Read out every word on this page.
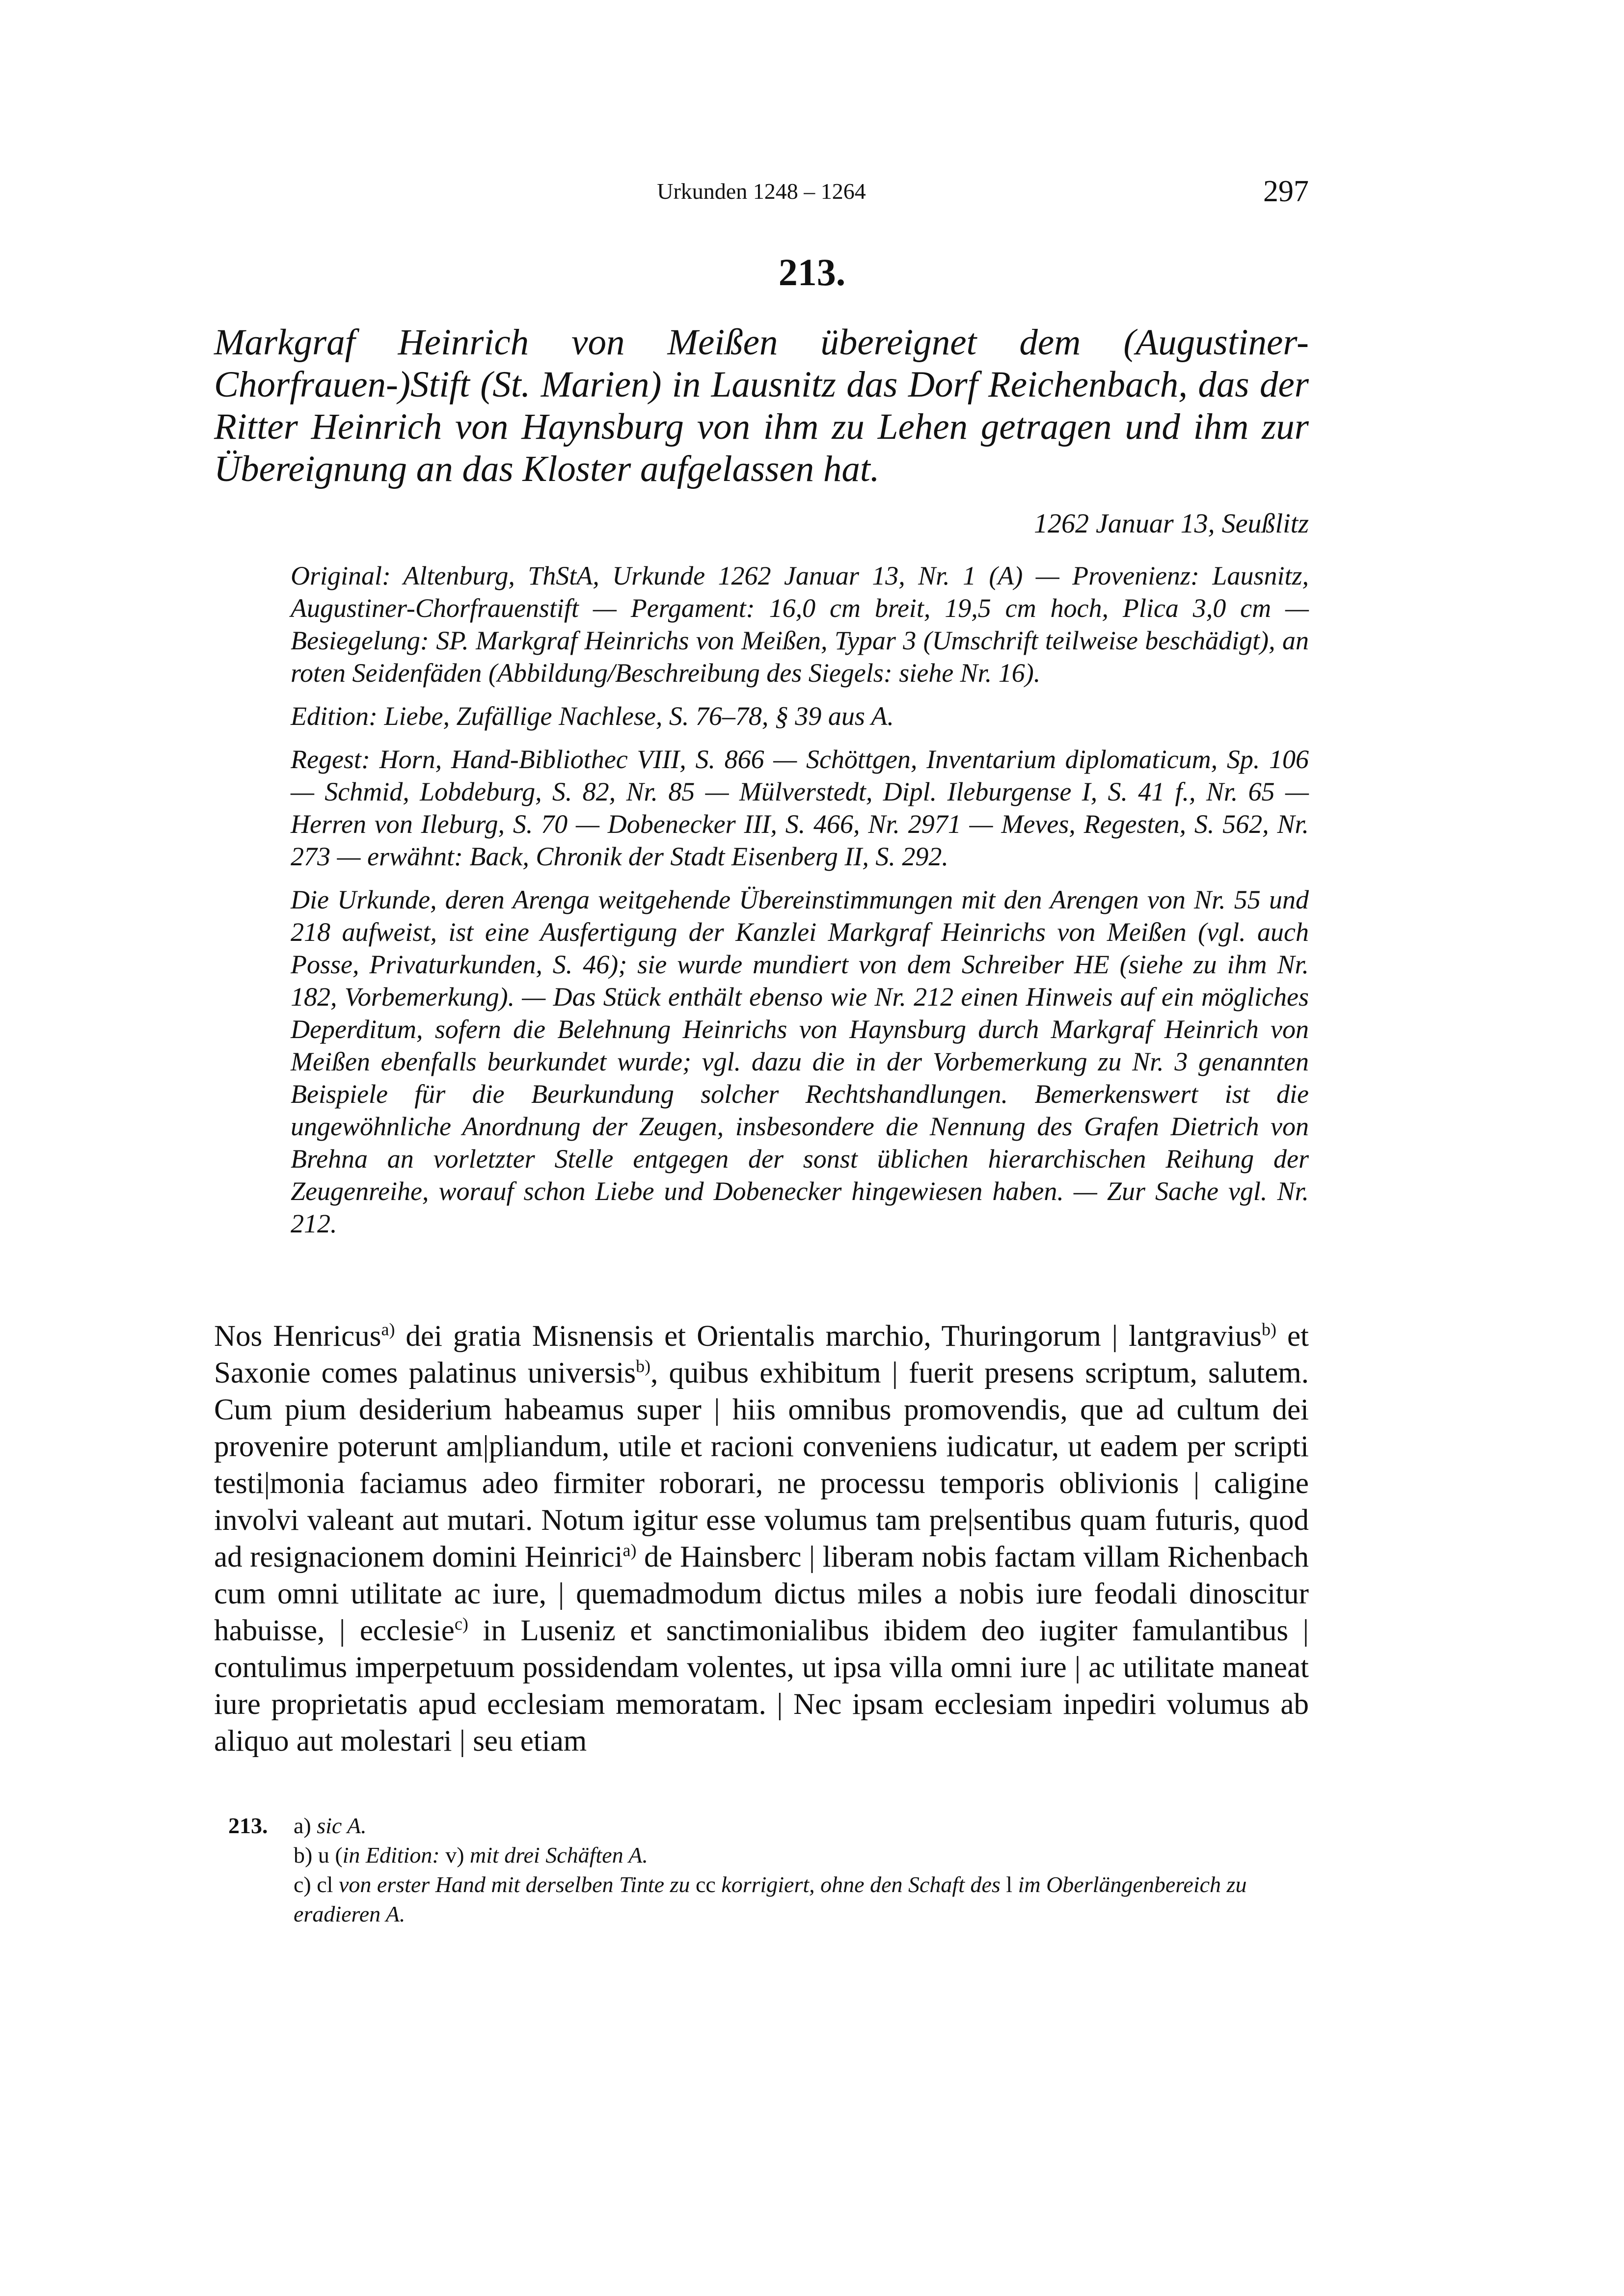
Urkunden 1248 – 1264	297
213.

Markgraf Heinrich von Meißen übereignet dem (Augustiner-Chorfrauen-)Stift (St. Marien) in Lausnitz das Dorf Reichenbach, das der Ritter Heinrich von Haynsburg von ihm zu Lehen getragen und ihm zur Übereignung an das Kloster aufgelassen hat.

1262 Januar 13, Seußlitz

Original: Altenburg, ThStA, Urkunde 1262 Januar 13, Nr. 1 (A) — Provenienz: Lausnitz, Augustiner-Chorfrauenstift — Pergament: 16,0 cm breit, 19,5 cm hoch, Plica 3,0 cm — Besiegelung: SP. Markgraf Heinrichs von Meißen, Typar 3 (Umschrift teilweise beschädigt), an roten Seidenfäden (Abbildung/Beschreibung des Siegels: siehe Nr. 16).

Edition: Liebe, Zufällige Nachlese, S. 76–78, § 39 aus A.

Regest: Horn, Hand-Bibliothec VIII, S. 866 — Schöttgen, Inventarium diplomaticum, Sp. 106 — Schmid, Lobdeburg, S. 82, Nr. 85 — Mülverstedt, Dipl. Ileburgense I, S. 41 f., Nr. 65 — Herren von Ileburg, S. 70 — Dobenecker III, S. 466, Nr. 2971 — Meves, Regesten, S. 562, Nr. 273 — erwähnt: Back, Chronik der Stadt Eisenberg II, S. 292.

Die Urkunde, deren Arenga weitgehende Übereinstimmungen mit den Arengen von Nr. 55 und 218 aufweist, ist eine Ausfertigung der Kanzlei Markgraf Heinrichs von Meißen (vgl. auch Posse, Privaturkunden, S. 46); sie wurde mundiert von dem Schreiber HE (siehe zu ihm Nr. 182, Vorbemerkung). — Das Stück enthält ebenso wie Nr. 212 einen Hinweis auf ein mögliches Deperditum, sofern die Belehnung Heinrichs von Haynsburg durch Markgraf Heinrich von Meißen ebenfalls beurkundet wurde; vgl. dazu die in der Vorbemerkung zu Nr. 3 genannten Beispiele für die Beurkundung solcher Rechtshandlungen. Bemerkenswert ist die ungewöhnliche Anordnung der Zeugen, insbesondere die Nennung des Grafen Dietrich von Brehna an vorletzter Stelle entgegen der sonst üblichen hierarchischen Reihung der Zeugenreihe, worauf schon Liebe und Dobenecker hingewiesen haben. — Zur Sache vgl. Nr. 212.

Nos Henricus$^{a)}$ dei gratia Misnensis et Orientalis marchio, Thuringorum | lantgravius$^{b)}$ et Saxonie comes palatinus universis$^{b)}$, quibus exhibitum | fuerit presens scriptum, salutem. Cum pium desiderium habeamus super | hiis omnibus promovendis, que ad cultum dei provenire poterunt am|pliandum, utile et racioni conveniens iudicatur, ut eadem per scripti testi|monia faciamus adeo firmiter roborari, ne processu temporis oblivionis | caligine involvi valeant aut mutari. Notum igitur esse volumus tam pre|sentibus quam futuris, quod ad resignacionem domini Heinrici$^{a)}$ de Hainsberc | liberam nobis factam villam Richenbach cum omni utilitate ac iure, | quemadmodum dictus miles a nobis iure feodali dinoscitur habuisse, | ecclesie$^{c)}$ in Luseniz et sanctimonialibus ibidem deo iugiter famulantibus | contulimus imperpetuum possidendam volentes, ut ipsa villa omni iure | ac utilitate maneat iure proprietatis apud ecclesiam memoratam. | Nec ipsam ecclesiam inpediri volumus ab aliquo aut molestari | seu etiam

213. a) sic A.
b) u (in Edition: v) mit drei Schäften A.
c) cl von erster Hand mit derselben Tinte zu cc korrigiert, ohne den Schaft des l im Oberlängenbereich zu eradieren A.
